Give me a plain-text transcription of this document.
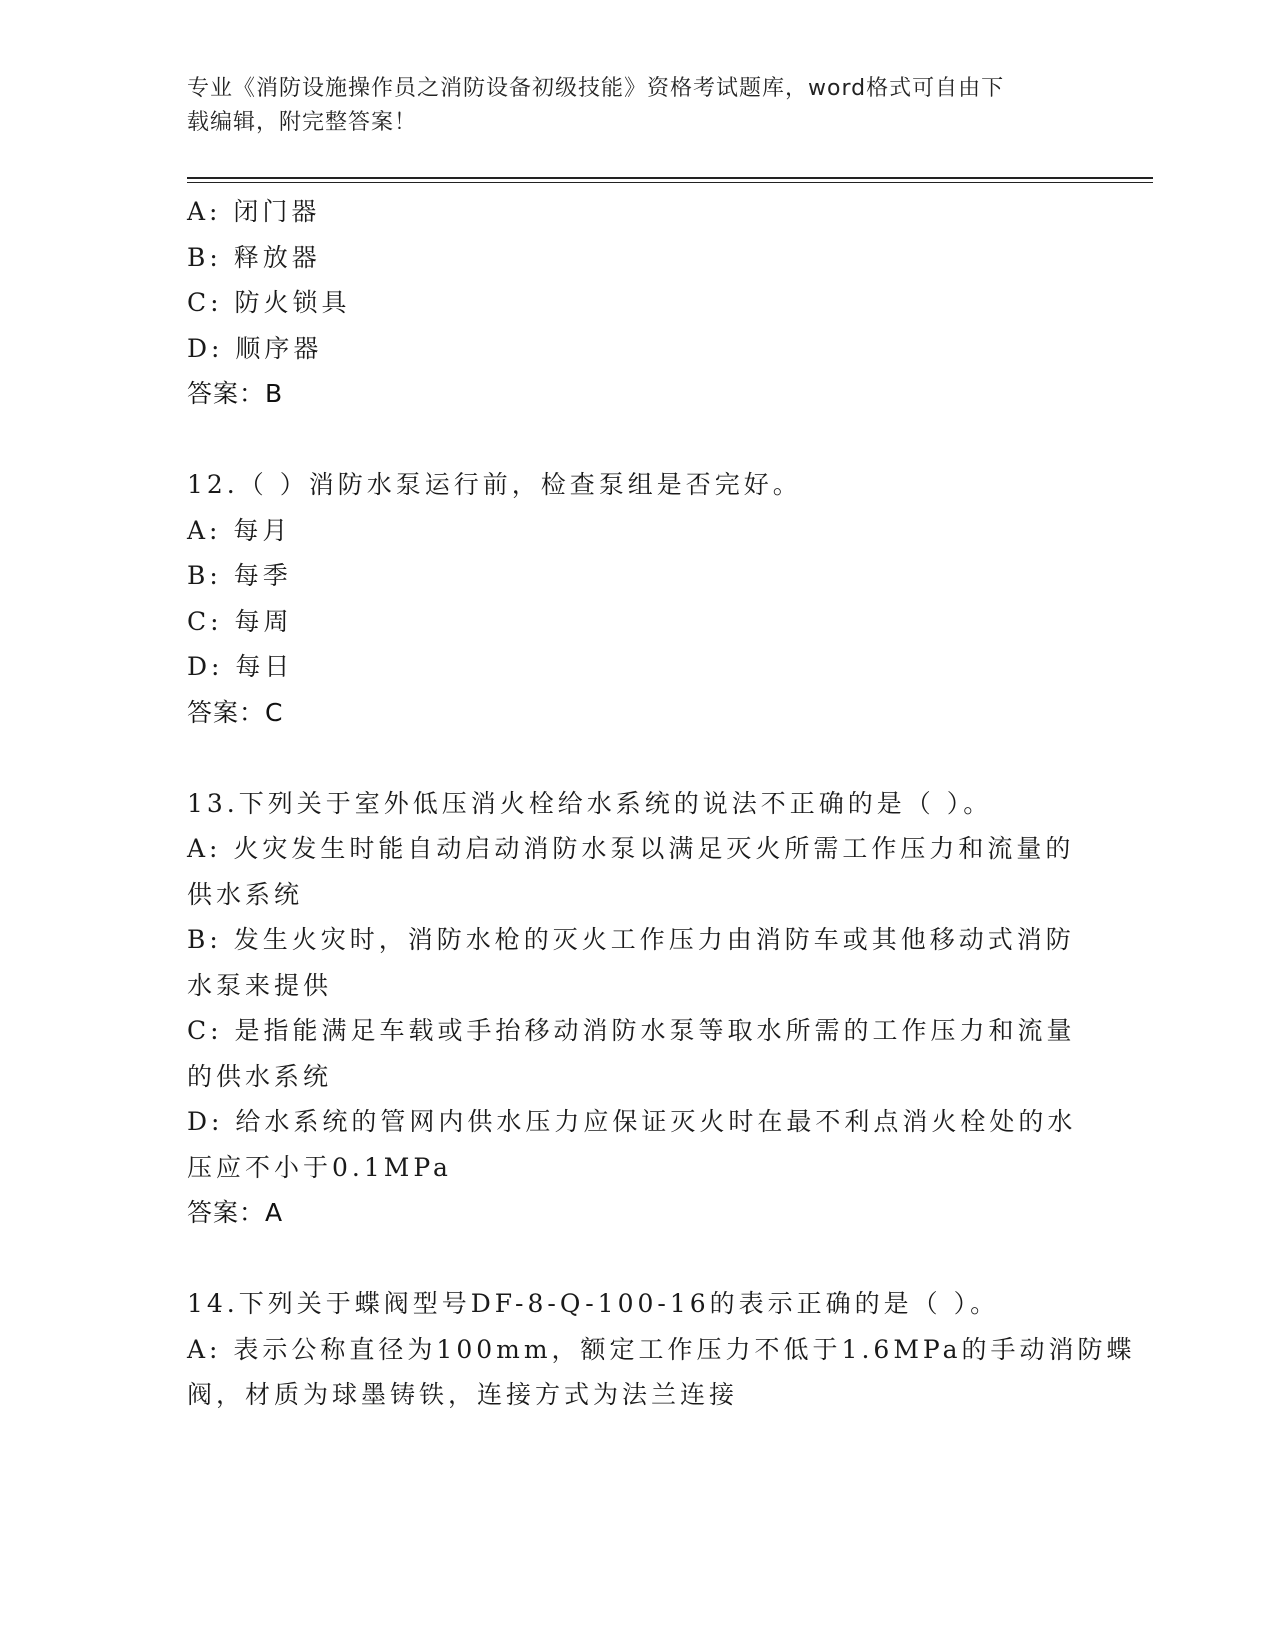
专业《消防设施操作员之消防设备初级技能》资格考试题库，word格式可自由下
载编辑，附完整答案！
A: 闭门器
B: 释放器
C: 防火锁具
D: 顺序器
答案：B
12.（ ）消防水泵运行前，检查泵组是否完好。
A: 每月
B: 每季
C: 每周
D: 每日
答案：C
13.下列关于室外低压消火栓给水系统的说法不正确的是（ ）。
A: 火灾发生时能自动启动消防水泵以满足灭火所需工作压力和流量的
供水系统
B: 发生火灾时，消防水枪的灭火工作压力由消防车或其他移动式消防
水泵来提供
C: 是指能满足车载或手抬移动消防水泵等取水所需的工作压力和流量
的供水系统
D: 给水系统的管网内供水压力应保证灭火时在最不利点消火栓处的水
压应不小于0.1MPa
答案：A
14.下列关于蝶阀型号DF-8-Q-100-16的表示正确的是（ ）。
A: 表示公称直径为100mm，额定工作压力不低于1.6MPa的手动消防蝶
阀，材质为球墨铸铁，连接方式为法兰连接
